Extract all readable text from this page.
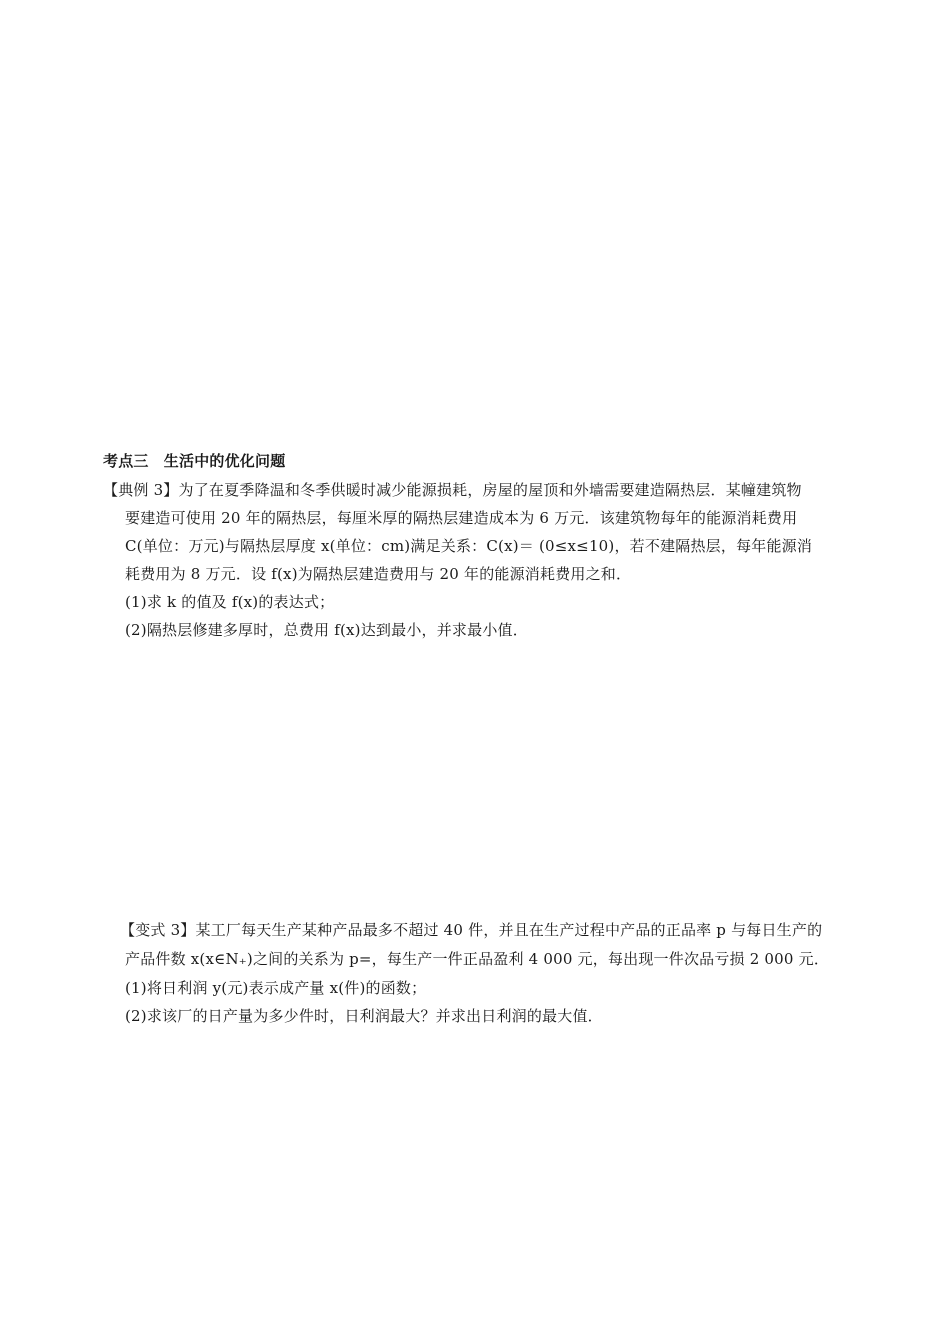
考点三　生活中的优化问题
【典例 3】为了在夏季降温和冬季供暖时减少能源损耗，房屋的屋顶和外墙需要建造隔热层．某幢建筑物
要建造可使用 20 年的隔热层，每厘米厚的隔热层建造成本为 6 万元．该建筑物每年的能源消耗费用
C(单位：万元)与隔热层厚度 x(单位：cm)满足关系：C(x)＝ (0≤x≤10)，若不建隔热层，每年能源消
耗费用为 8 万元．设 f(x)为隔热层建造费用与 20 年的能源消耗费用之和．
(1)求 k 的值及 f(x)的表达式；
(2)隔热层修建多厚时，总费用 f(x)达到最小，并求最小值．
【变式 3】某工厂每天生产某种产品最多不超过 40 件，并且在生产过程中产品的正品率 p 与每日生产的
产品件数 x(x∈N₊)之间的关系为 p=，每生产一件正品盈利 4 000 元，每出现一件次品亏损 2 000 元．
(1)将日利润 y(元)表示成产量 x(件)的函数；
(2)求该厂的日产量为多少件时，日利润最大？并求出日利润的最大值．
